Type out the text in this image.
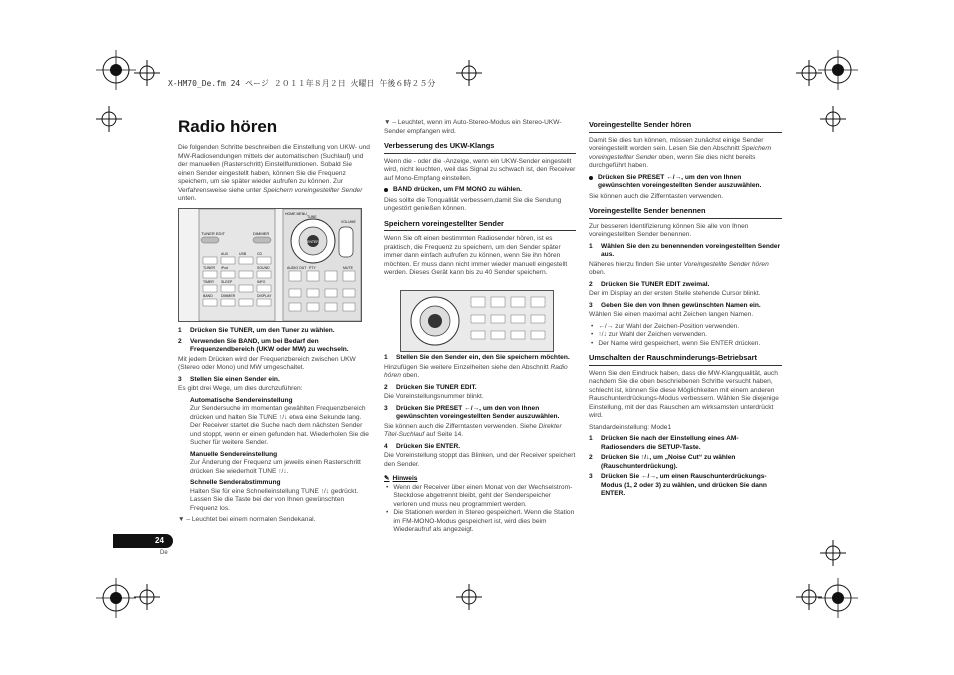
X-HM70_De.fm 24 ページ ２０１１年８月２日 火曜日 午後６時２５分
Radio hören

Die folgenden Schritte beschreiben die Einstellung von UKW- und MW-Radiosendungen mittels der automatischen (Suchlauf) und der manuellen (Rasterschritt) Einstellfunktionen. Sobald Sie einen Sender eingestellt haben, können Sie die Frequenz speichern, um sie später wieder aufrufen zu können. Zur Verfahrensweise siehe unter Speichern voreingestellter Sender unten.

TUNER EDIT	DIMMER
AUX	USB	CD
TUNER iPod	SOUND
TIMER SLEEP	INFO
BAND DIMMER	DISPLAY
HOME MENU
TUNE
ENTER
VOLUME
AUDIO OUT PTY	MUTE
1	Drücken Sie TUNER, um den Tuner zu wählen.
2	Verwenden Sie BAND, um bei Bedarf den Frequenzendbereich (UKW oder MW) zu wechseln.

Mit jedem Drücken wird der Frequenzbereich zwischen UKW (Stereo oder Mono) und MW umgeschaltet.

3	Stellen Sie einen Sender ein.

Es gibt drei Wege, um dies durchzuführen:

Automatische Sendereinstellung

Zur Sendersuche im momentan gewählten Frequenzbereich drücken und halten Sie TUNE ↑/↓ etwa eine Sekunde lang. Der Receiver startet die Suche nach dem nächsten Sender und stoppt, wenn er einen gefunden hat. Wiederholen Sie die Sucher für weitere Sender.

Manuelle Sendereinstellung

Zur Änderung der Frequenz um jeweils einen Rasterschritt drücken Sie wiederholt TUNE ↑/↓.

Schnelle Senderabstimmung

Halten Sie für eine Schnelleinstellung TUNE ↑/↓ gedrückt. Lassen Sie die Taste bei der von Ihnen gewünschten Frequenz los.

▼ – Leuchtet bei einem normalen Sendekanal.

▼ – Leuchtet, wenn im Auto-Stereo-Modus ein Stereo-UKW-Sender empfangen wird.

Verbesserung des UKW-Klangs

Wenn die - oder die -Anzeige, wenn ein UKW-Sender eingestellt wird, nicht leuchten, weil das Signal zu schwach ist, den Receiver auf Mono-Empfang einstellen.

BAND drücken, um FM MONO zu wählen.

Dies sollte die Tonqualität verbessern,damit Sie die Sendung ungestört genießen können.

Speichern voreingestellter Sender

Wenn Sie oft einen bestimmten Radiosender hören, ist es praktisch, die Frequenz zu speichern, um den Sender später immer dann einfach aufrufen zu können, wenn Sie ihn hören möchten. Er muss dann nicht immer wieder manuell eingestellt werden. Dieses Gerät kann bis zu 40 Sender speichern.

1	Stellen Sie den Sender ein, den Sie speichern möchten.

Hinzufügen Sie weitere Einzelheiten siehe den Abschnitt Radio hören oben.

2	Drücken Sie TUNER EDIT.

Die Voreinstellungsnummer blinkt.

3	Drücken Sie PRESET ←/→, um den von Ihnen gewünschten voreingestellten Sender auszuwählen.

Sie können auch die Zifferntasten verwenden. Siehe Direkter Titel-Suchlauf auf Seite 14.

4	Drücken Sie ENTER.

Die Voreinstellung stoppt das Blinken, und der Receiver speichert den Sender.

✎ Hinweis
• Wenn der Receiver über einen Monat von der Wechselstrom-Steckdose abgetrennt bleibt, geht der Senderspeicher verloren und muss neu programmiert werden.
• Die Stationen werden in Stereo gespeichert. Wenn die Station im FM-MONO-Modus gespeichert ist, wird dies beim Wiederaufruf als angezeigt.
Voreingestellte Sender hören

Damit Sie dies tun können, müssen zunächst einige Sender voreingestellt worden sein. Lesen Sie den Abschnitt Speichern voreingestellter Sender oben, wenn Sie dies nicht bereits durchgeführt haben.

Drücken Sie PRESET ←/→, um den von Ihnen gewünschten voreingestellten Sender auszuwählen.

Sie können auch die Zifferntasten verwenden.

Voreingestellte Sender benennen

Zur besseren Identifizierung können Sie alle von Ihnen voreingestellten Sender benennen.

1	Wählen Sie den zu benennenden voreingestellten Sender aus.

Näheres hierzu finden Sie unter Voreingestellte Sender hören oben.

2	Drücken Sie TUNER EDIT zweimal.

Der im Display an der ersten Stelle stehende Cursor blinkt.

3	Geben Sie den von Ihnen gewünschten Namen ein.

Wählen Sie einen maximal acht Zeichen langen Namen.

• ←/→ zur Wahl der Zeichen-Position verwenden.
• ↑/↓ zur Wahl der Zeichen verwenden.
• Der Name wird gespeichert, wenn Sie ENTER drücken.
Umschalten der Rauschminderungs-Betriebsart

Wenn Sie den Eindruck haben, dass die MW-Klangqualität, auch nachdem Sie die oben beschriebenen Schritte versucht haben, schlecht ist, können Sie diese Möglichkeiten mit einem anderen Rauschunterdrückungs-Modus verbessern. Wählen Sie diejenige Einstellung, mit der das Rauschen am wirksamsten unterdrückt wird.

Standardeinstellung: Mode1

1	Drücken Sie nach der Einstellung eines AM-Radiosenders die SETUP-Taste.
2	Drücken Sie ↑/↓, um „Noise Cut“ zu wählen (Rauschunterdrückung).
3	Drücken Sie ←/→, um einen Rauschunterdrückungs-Modus (1, 2 oder 3) zu wählen, und drücken Sie dann ENTER.
24
De
